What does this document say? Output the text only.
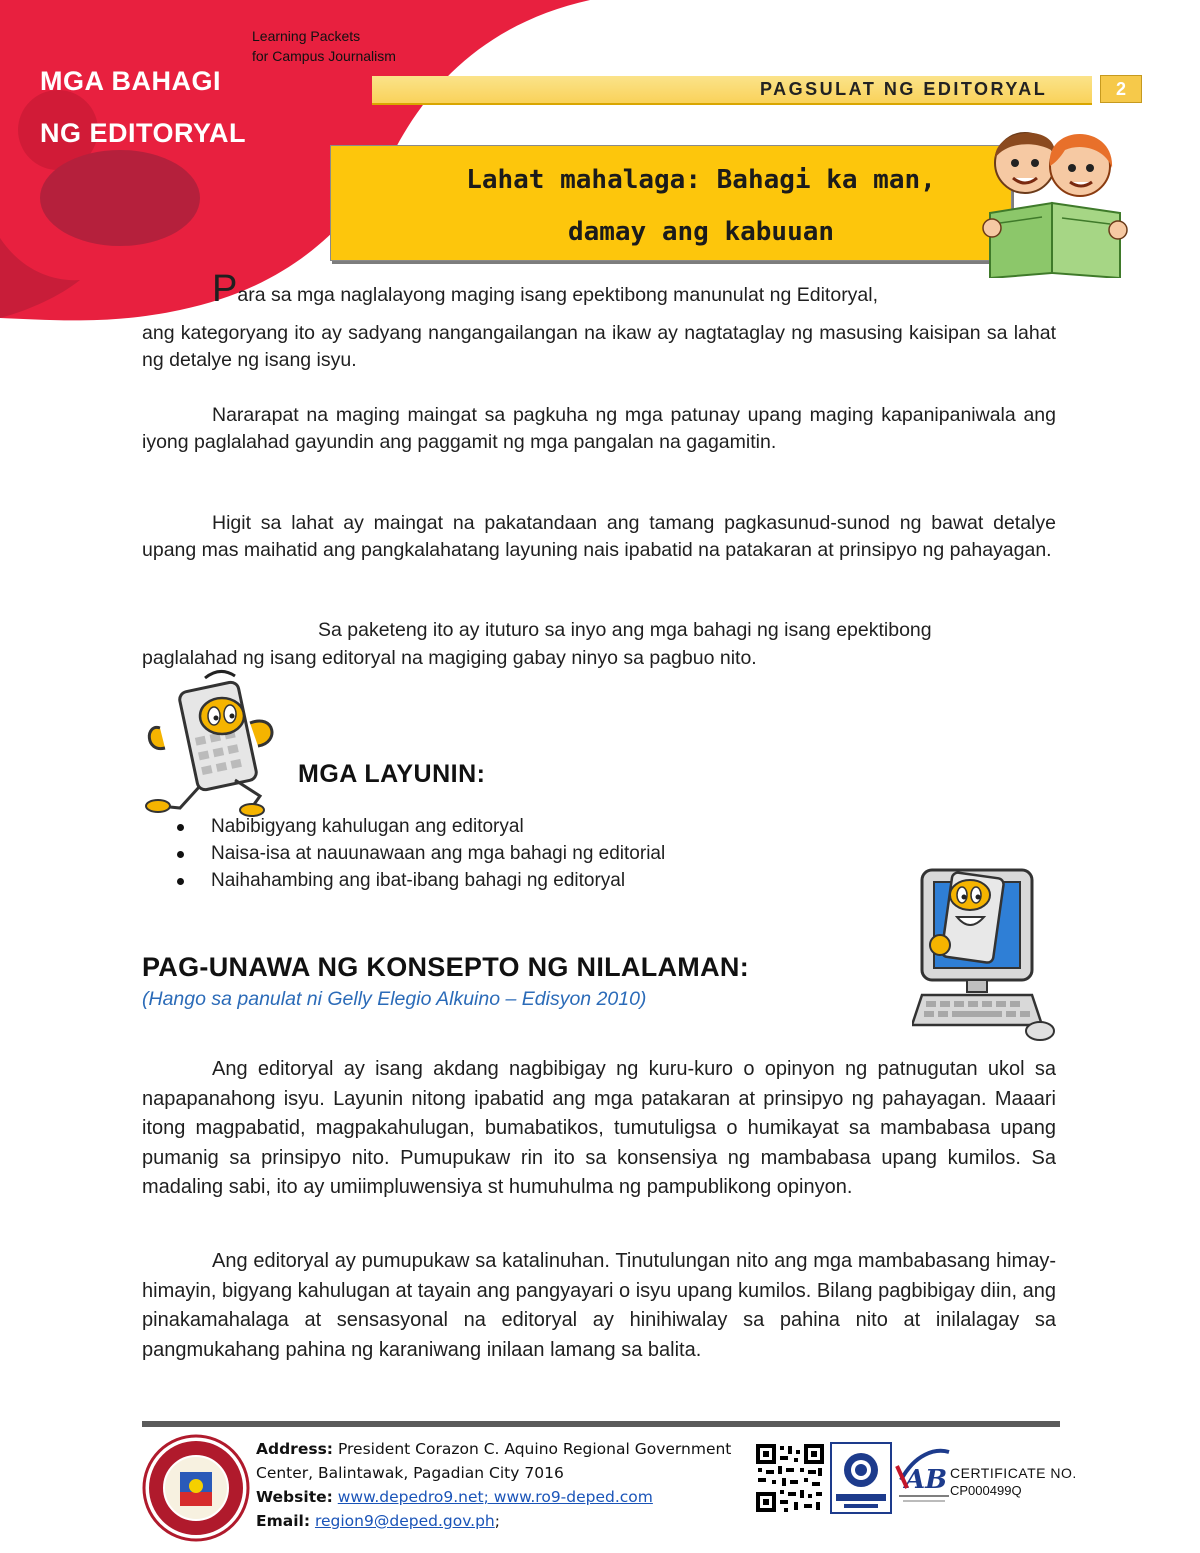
Learning Packets
for Campus Journalism
MGA BAHAGI
NG EDITORYAL
PAGSULAT NG EDITORYAL	2
Lahat mahalaga: Bahagi ka man,
damay ang kabuuan
Para sa mga naglalayong maging isang epektibong manunulat ng Editoryal,

ang kategoryang ito ay sadyang nangangailangan na ikaw ay nagtataglay ng masusing kaisipan sa lahat ng detalye ng isang isyu.

Nararapat na maging maingat sa pagkuha ng mga patunay upang maging kapanipaniwala ang iyong paglalahad gayundin ang paggamit ng mga pangalan na gagamitin.

Higit sa lahat ay maingat na pakatandaan ang tamang pagkasunud-sunod ng bawat detalye upang mas maihatid ang pangkalahatang layuning nais ipabatid na patakaran at prinsipyo ng pahayagan.

Sa paketeng ito ay ituturo sa inyo ang mga bahagi ng isang epektibong
paglalahad ng isang editoryal na magiging gabay ninyo sa pagbuo nito.
MGA LAYUNIN:
Nabibigyang kahulugan ang editoryal
Naisa-isa at nauunawaan ang mga bahagi ng editorial
Naihahambing ang ibat-ibang bahagi ng editoryal
PAG-UNAWA NG KONSEPTO NG NILALAMAN:
(Hango sa panulat ni Gelly Elegio Alkuino – Edisyon 2010)

Ang editoryal ay isang akdang nagbibigay ng kuru-kuro o opinyon ng patnugutan ukol sa napapanahong isyu. Layunin nitong ipabatid ang mga patakaran at prinsipyo ng pahayagan. Maaari itong magpabatid, magpakahulugan, bumabatikos, tumutuligsa o humikayat sa mambabasa upang pumanig sa prinsipyo nito. Pumupukaw rin ito sa konsensiya ng mambabasa upang kumilos. Sa madaling sabi, ito ay umiimpluwensiya st humuhulma ng pampublikong opinyon.

Ang editoryal ay pumupukaw sa katalinuhan. Tinutulungan nito ang mga mambabasang himay-himayin, bigyang kahulugan at tayain ang pangyayari o isyu upang kumilos. Bilang pagbibigay diin, ang pinakamahalaga at sensasyonal na editoryal ay hinihiwalay sa pahina nito at inilalagay sa pangmukahang pahina ng karaniwang inilaan lamang sa balita.

Address: President Corazon C. Aquino Regional Government
Center, Balintawak, Pagadian City 7016
Website: www.depedro9.net; www.ro9-deped.com
Email: region9@deped.gov.ph;
AB CERTIFICATE NO.
CP000499Q
